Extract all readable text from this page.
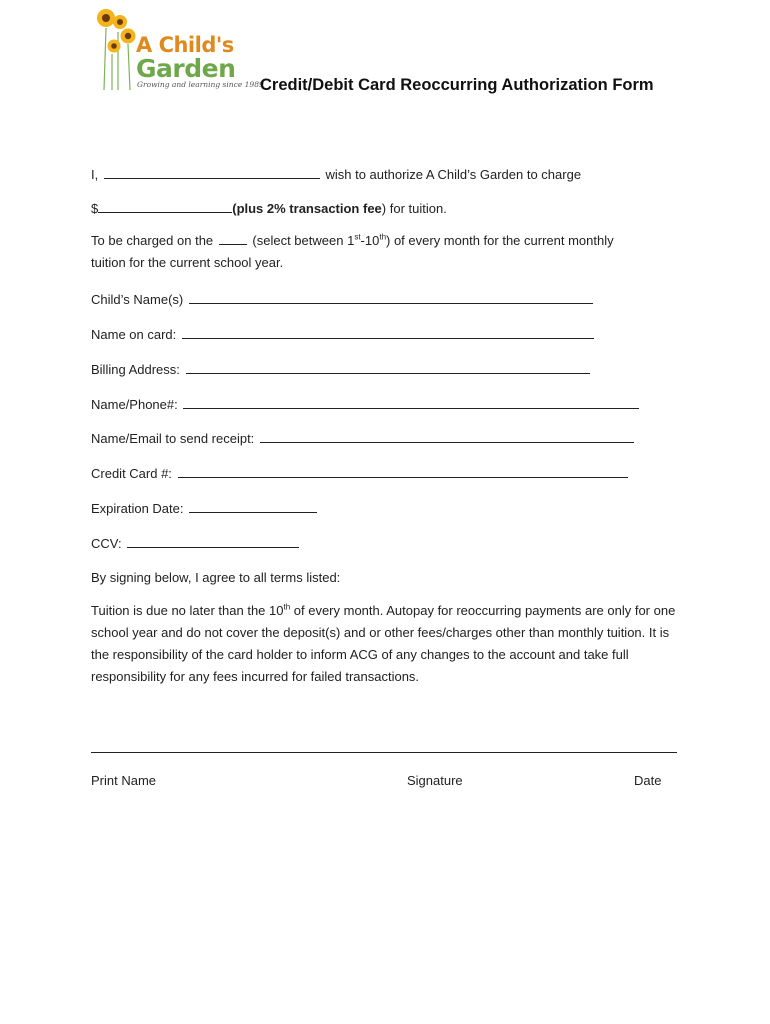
A Child's
Garden
Growing and learning since 1989
Credit/Debit Card Reoccurring Authorization Form
I,	wish to authorize A Child’s Garden to charge
$	(plus 2% transaction fee) for tuition.
To be charged on the	(select between 1st-10th) of every month for the current monthly
tuition for the current school year.
Child’s Name(s)
Name on card:
Billing Address:
Name/Phone#:
Name/Email to send receipt:
Credit Card #:
Expiration Date:
CCV:
By signing below, I agree to all terms listed:
Tuition is due no later than the 10th of every month. Autopay for reoccurring payments are only for one school year and do not cover the deposit(s) and or other fees/charges other than monthly tuition. It is the responsibility of the card holder to inform ACG of any changes to the account and take full responsibility for any fees incurred for failed transactions.
Print Name	Signature	Date
